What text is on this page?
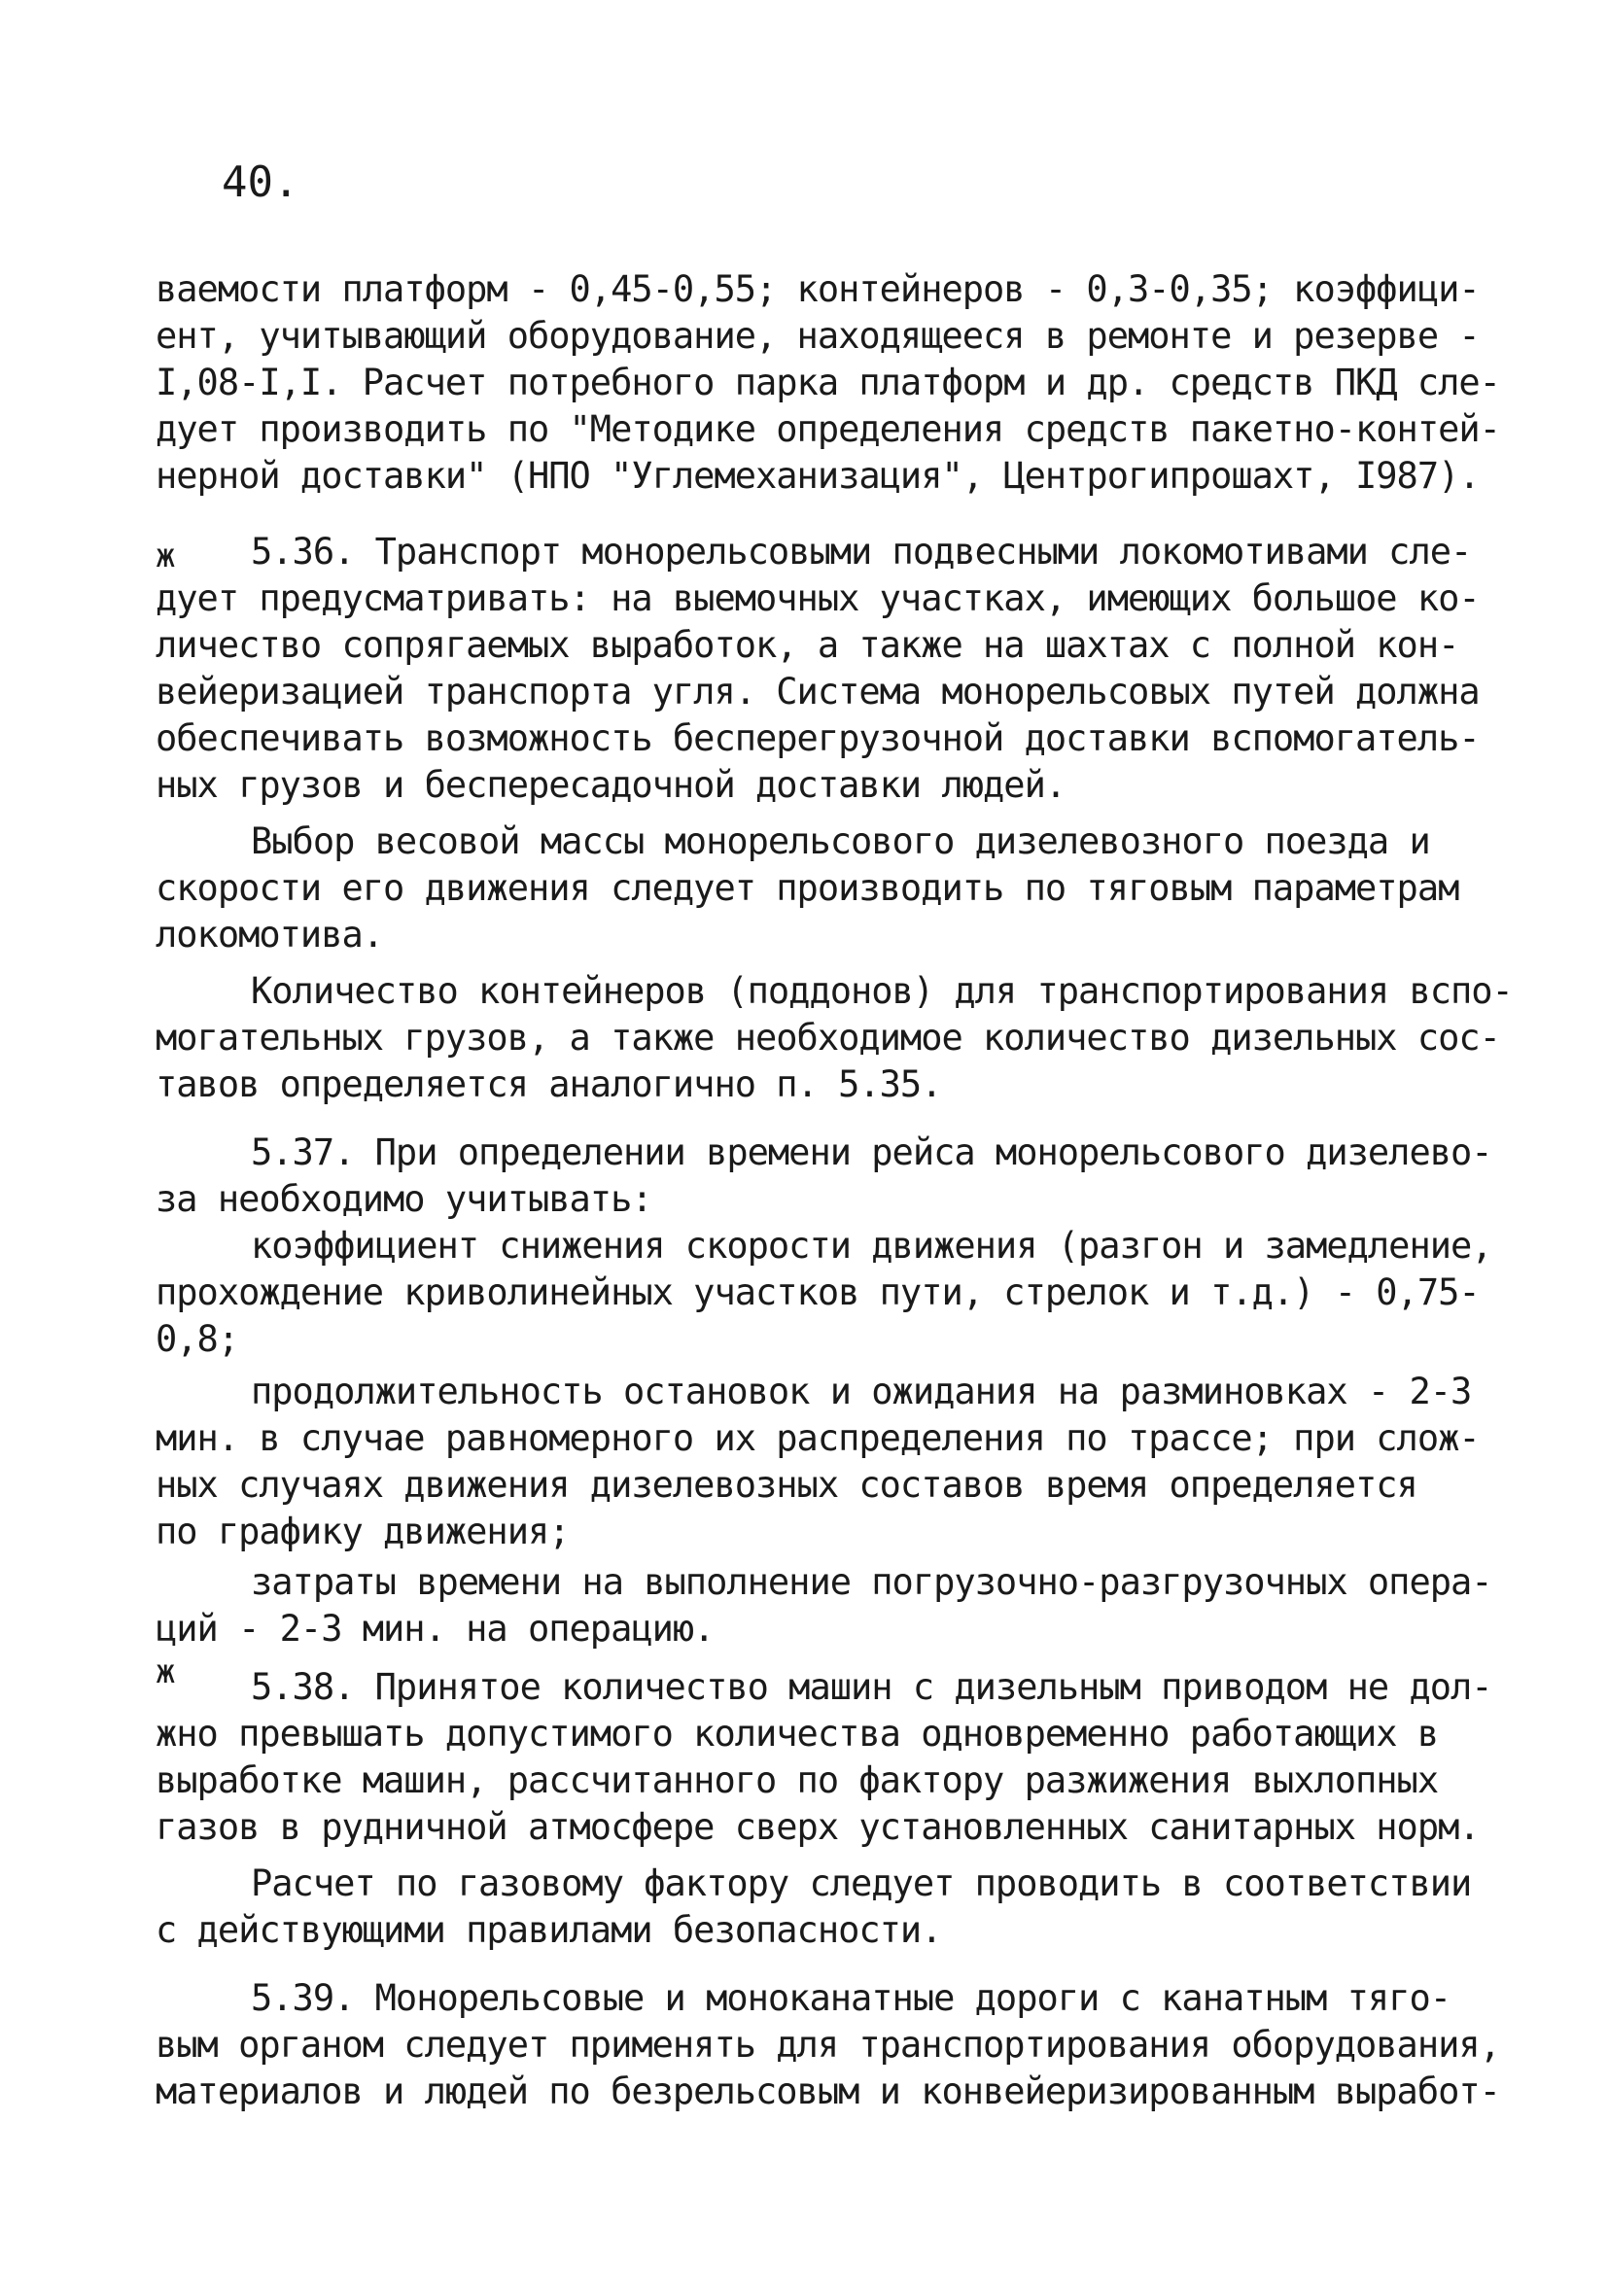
40.

ж

ж

ваемости платформ - 0,45-0,55; контейнеров - 0,3-0,35; коэффици-

ент, учитывающий оборудование, находящееся в ремонте и резерве -

I,08-I,I. Расчет потребного парка платформ и др. средств ПКД сле-

дует производить по "Методике определения средств пакетно-контей-

нерной доставки" (НПО "Углемеханизация", Центрогипрошахт, I987).

5.36. Транспорт монорельсовыми подвесными локомотивами сле-

дует предусматривать: на выемочных участках, имеющих большое ко-

личество сопрягаемых выработок, а также на шахтах с полной кон-

вейеризацией транспорта угля. Система монорельсовых путей должна

обеспечивать возможность бесперегрузочной доставки вспомогатель-

ных грузов и беспересадочной доставки людей.

Выбор весовой массы монорельсового дизелевозного поезда и

скорости его движения следует производить по тяговым параметрам

локомотива.

Количество контейнеров (поддонов) для транспортирования вспо-

могательных грузов, а также необходимое количество дизельных сос-

тавов определяется аналогично п. 5.35.

5.37. При определении времени рейса монорельсового дизелево-

за необходимо учитывать:

коэффициент снижения скорости движения (разгон и замедление,

прохождение криволинейных участков пути, стрелок и т.д.) - 0,75-

0,8;

продолжительность остановок и ожидания на разминовках - 2-3

мин. в случае равномерного их распределения по трассе; при слож-

ных случаях движения дизелевозных составов время определяется

по графику движения;

затраты времени на выполнение погрузочно-разгрузочных опера-

ций - 2-3 мин. на операцию.

5.38. Принятое количество машин с дизельным приводом не дол-

жно превышать допустимого количества одновременно работающих в

выработке машин, рассчитанного по фактору разжижения выхлопных

газов в рудничной атмосфере сверх установленных санитарных норм.

Расчет по газовому фактору следует проводить в соответствии

с действующими правилами безопасности.

5.39. Монорельсовые и моноканатные дороги с канатным тяго-

вым органом следует применять для транспортирования оборудования,

материалов и людей по безрельсовым и конвейеризированным выработ-
